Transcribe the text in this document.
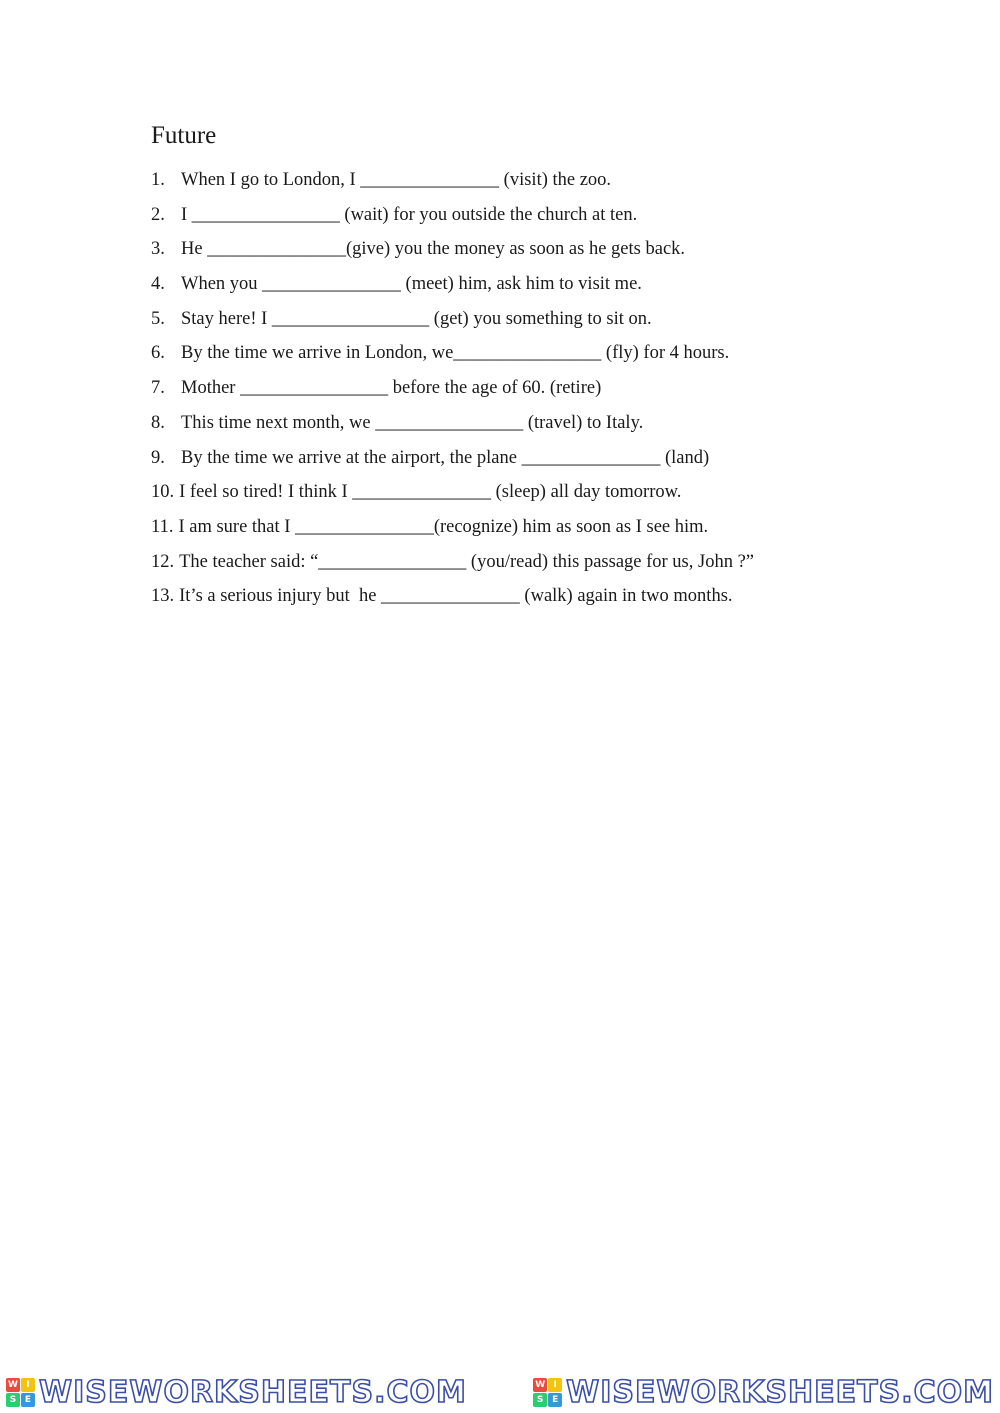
Future
1. When I go to London, I _______________ (visit) the zoo.
2. I ________________ (wait) for you outside the church at ten.
3. He _______________(give) you the money as soon as he gets back.
4. When you _______________ (meet) him, ask him to visit me.
5. Stay here! I _________________ (get) you something to sit on.
6. By the time we arrive in London, we________________ (fly) for 4 hours.
7. Mother ________________ before the age of 60. (retire)
8. This time next month, we ________________ (travel) to Italy.
9. By the time we arrive at the airport, the plane _______________ (land)
10. I feel so tired! I think I _______________ (sleep) all day tomorrow.
11. I am sure that I _______________(recognize) him as soon as I see him.
12. The teacher said: “________________ (you/read) this passage for us, John ?”
13. It’s a serious injury but  he _______________ (walk) again in two months.
W I
S E WISEWORKSHEETS.COM	W I
S E WISEWORKSHEETS.COM
